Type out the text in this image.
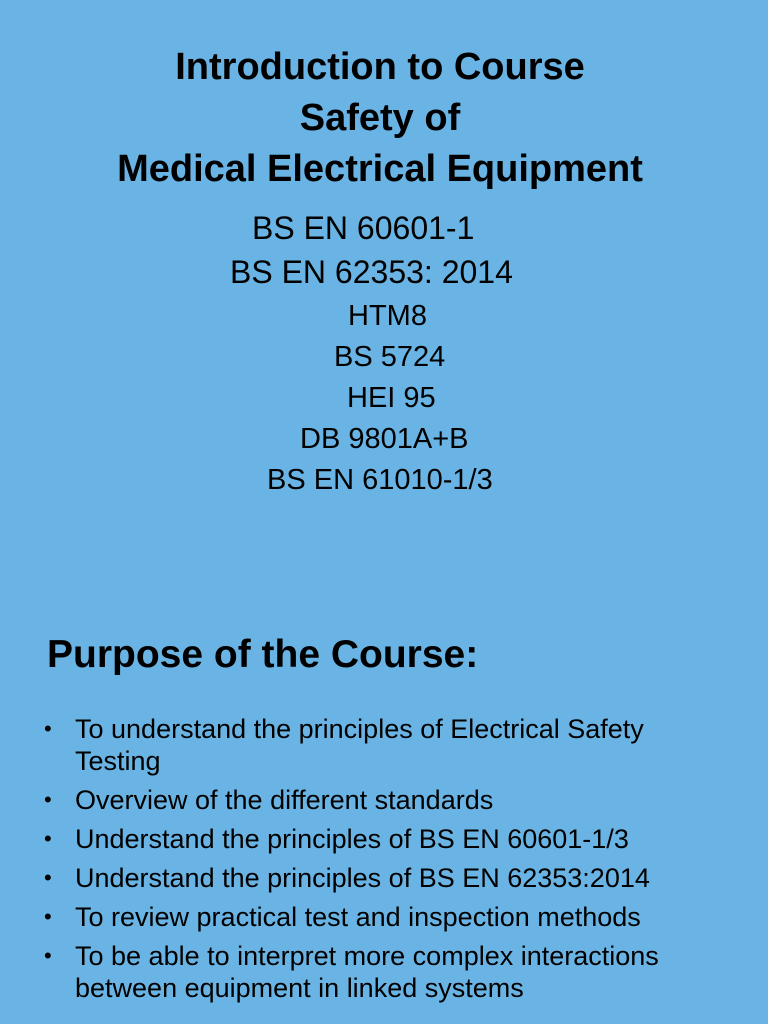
Introduction to Course
Safety of
Medical Electrical Equipment
BS EN 60601-1
BS EN 62353: 2014
HTM8
BS 5724
HEI 95
DB 9801A+B
BS EN 61010-1/3
Purpose of the Course:
• To understand the principles of Electrical Safety Testing
• Overview of the different standards
• Understand the principles of BS EN 60601-1/3
• Understand the principles of BS EN 62353:2014
• To review practical test and inspection methods
• To be able to interpret more complex interactions between equipment in linked systems
